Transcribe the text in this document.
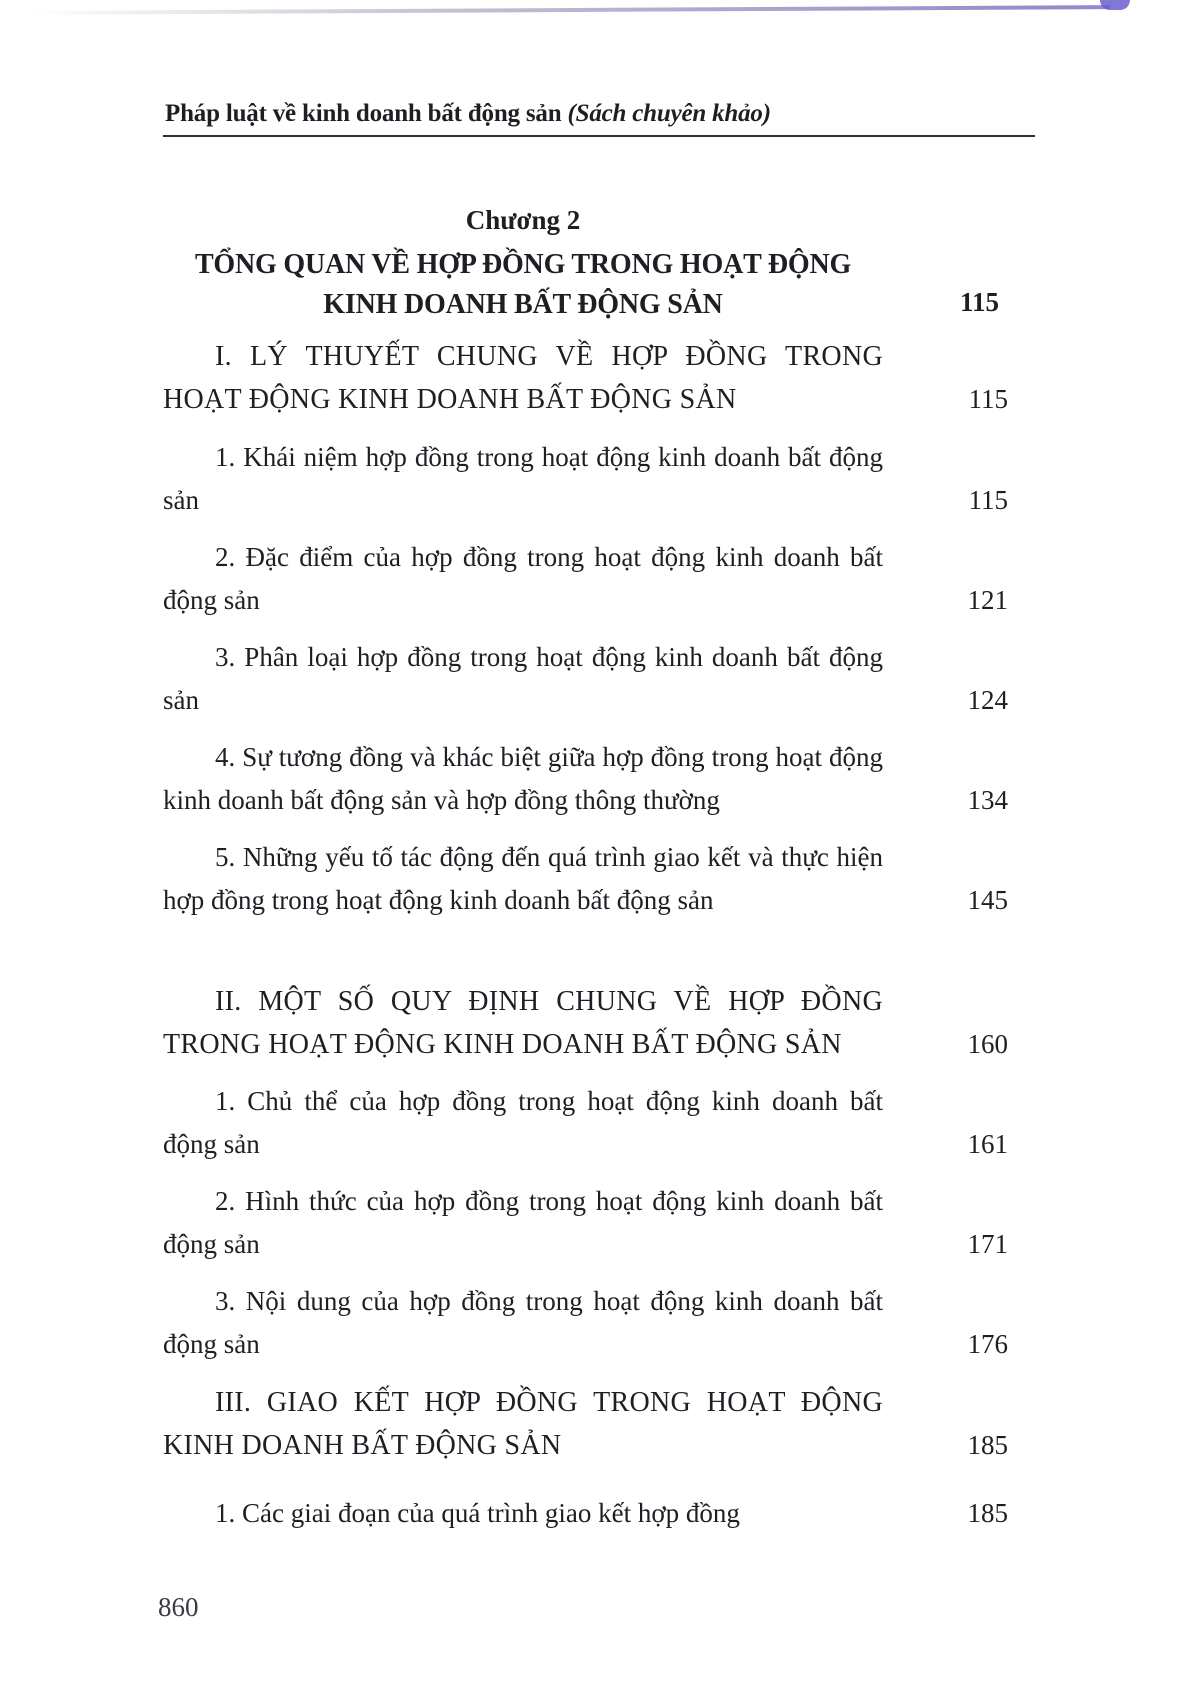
Pháp luật về kinh doanh bất động sản (Sách chuyên khảo)
Chương 2
TỔNG QUAN VỀ HỢP ĐỒNG TRONG HOẠT ĐỘNG
KINH DOANH BẤT ĐỘNG SẢN	115
I. LÝ THUYẾT CHUNG VỀ HỢP ĐỒNG TRONG HOẠT ĐỘNG KINH DOANH BẤT ĐỘNG SẢN	115
1. Khái niệm hợp đồng trong hoạt động kinh doanh bất động sản	115
2. Đặc điểm của hợp đồng trong hoạt động kinh doanh bất động sản	121
3. Phân loại hợp đồng trong hoạt động kinh doanh bất động sản	124
4. Sự tương đồng và khác biệt giữa hợp đồng trong hoạt động kinh doanh bất động sản và hợp đồng thông thường	134
5. Những yếu tố tác động đến quá trình giao kết và thực hiện hợp đồng trong hoạt động kinh doanh bất động sản	145
II. MỘT SỐ QUY ĐỊNH CHUNG VỀ HỢP ĐỒNG TRONG HOẠT ĐỘNG KINH DOANH BẤT ĐỘNG SẢN	160
1. Chủ thể của hợp đồng trong hoạt động kinh doanh bất động sản	161
2. Hình thức của hợp đồng trong hoạt động kinh doanh bất động sản	171
3. Nội dung của hợp đồng trong hoạt động kinh doanh bất động sản	176
III. GIAO KẾT HỢP ĐỒNG TRONG HOẠT ĐỘNG KINH DOANH BẤT ĐỘNG SẢN	185
1. Các giai đoạn của quá trình giao kết hợp đồng	185
860
